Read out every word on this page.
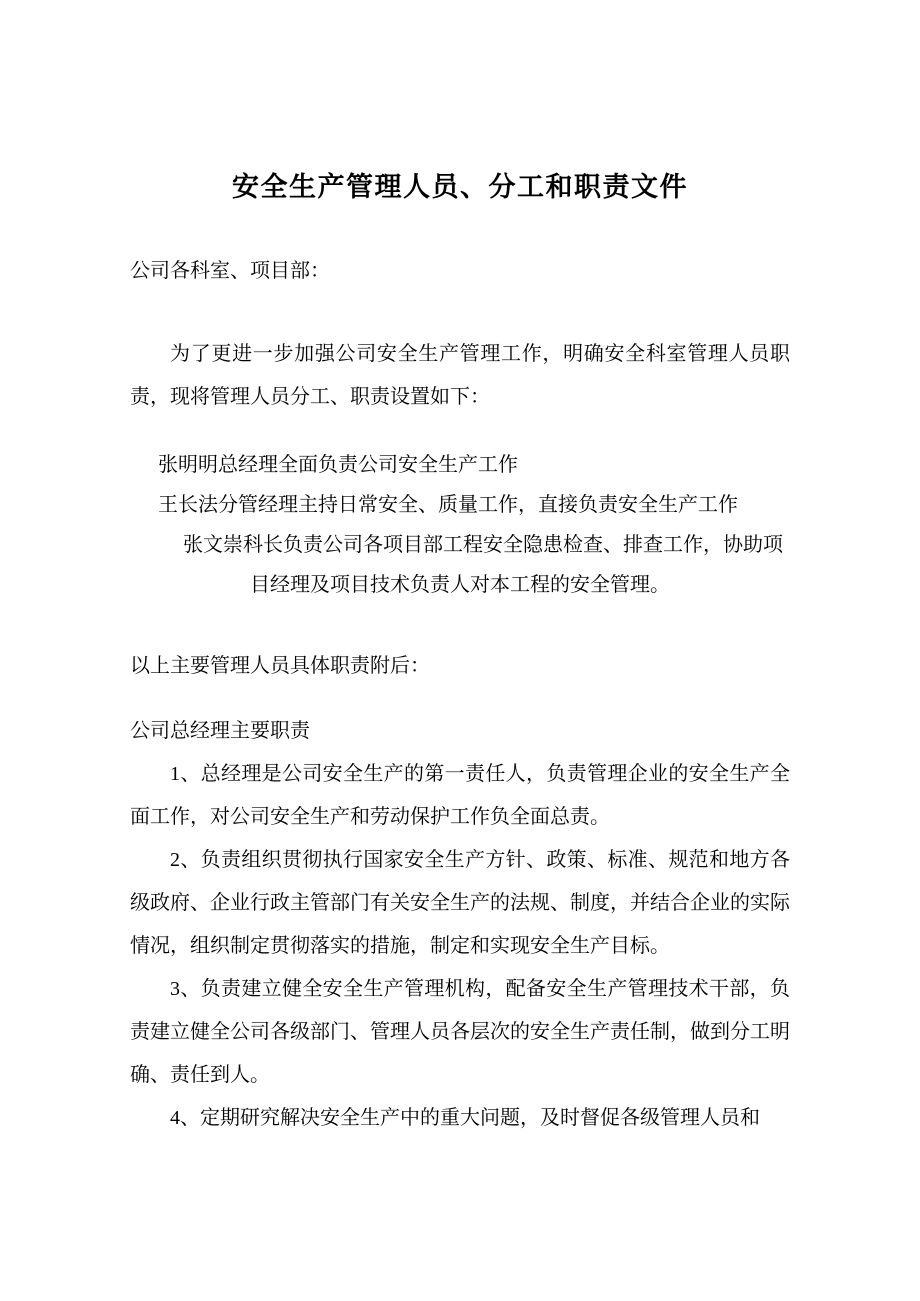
安全生产管理人员、分工和职责文件

公司各科室、项目部：

为了更进一步加强公司安全生产管理工作，明确安全科室管理人员职责，现将管理人员分工、职责设置如下：

张明明总经理全面负责公司安全生产工作

王长法分管经理主持日常安全、质量工作，直接负责安全生产工作

张文崇科长负责公司各项目部工程安全隐患检查、排查工作，协助项目经理及项目技术负责人对本工程的安全管理。

以上主要管理人员具体职责附后：

公司总经理主要职责

1、总经理是公司安全生产的第一责任人，负责管理企业的安全生产全面工作，对公司安全生产和劳动保护工作负全面总责。

2、负责组织贯彻执行国家安全生产方针、政策、标准、规范和地方各级政府、企业行政主管部门有关安全生产的法规、制度，并结合企业的实际情况，组织制定贯彻落实的措施，制定和实现安全生产目标。

3、负责建立健全安全生产管理机构，配备安全生产管理技术干部，负责建立健全公司各级部门、管理人员各层次的安全生产责任制，做到分工明确、责任到人。

4、定期研究解决安全生产中的重大问题，及时督促各级管理人员和
